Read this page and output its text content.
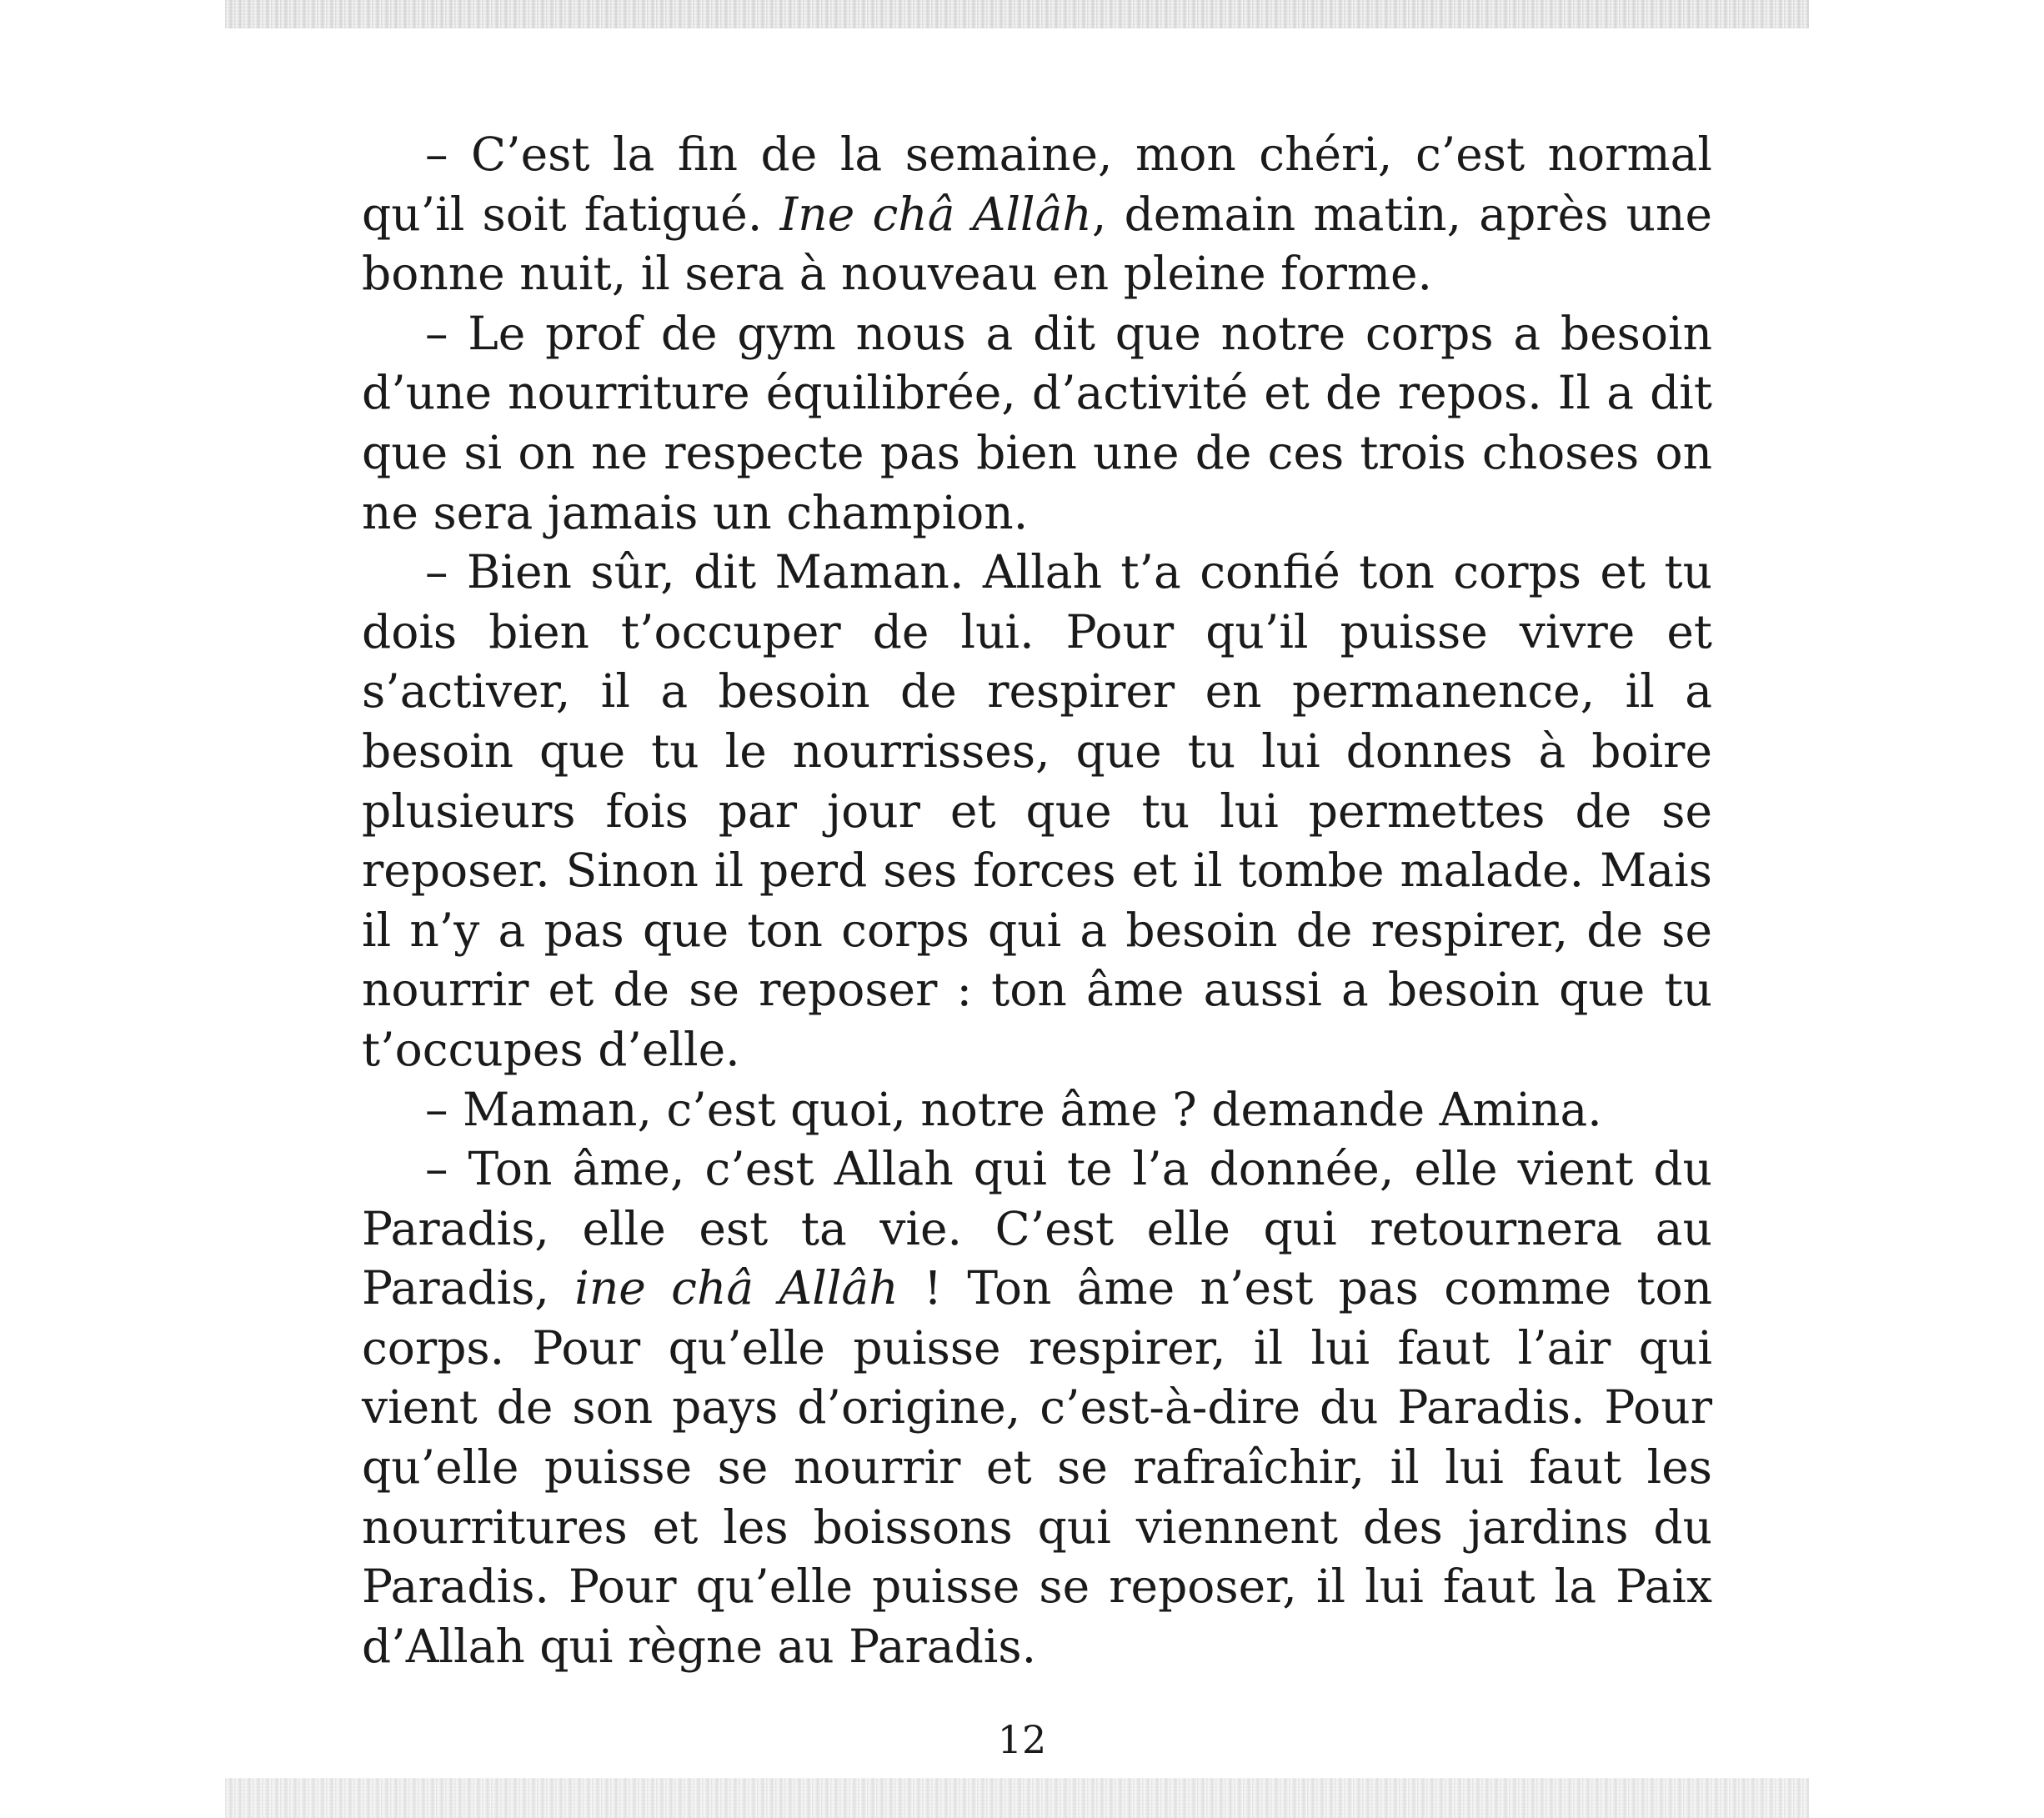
– C’est la fin de la semaine, mon chéri, c’est normal qu’il soit fatigué. Ine châ Allâh, demain matin, après une bonne nuit, il sera à nouveau en pleine forme.

– Le prof de gym nous a dit que notre corps a besoin d’une nourriture équilibrée, d’activité et de repos. Il a dit que si on ne respecte pas bien une de ces trois choses on ne sera jamais un champion.

– Bien sûr, dit Maman. Allah t’a confié ton corps et tu dois bien t’occuper de lui. Pour qu’il puisse vivre et s’activer, il a besoin de respirer en permanence, il a besoin que tu le nourrisses, que tu lui donnes à boire plusieurs fois par jour et que tu lui permettes de se reposer. Sinon il perd ses forces et il tombe malade. Mais il n’y a pas que ton corps qui a besoin de respirer, de se nourrir et de se reposer : ton âme aussi a besoin que tu t’occupes d’elle.

– Maman, c’est quoi, notre âme ? demande Amina.

– Ton âme, c’est Allah qui te l’a donnée, elle vient du Paradis, elle est ta vie. C’est elle qui retournera au Paradis, ine châ Allâh ! Ton âme n’est pas comme ton corps. Pour qu’elle puisse respirer, il lui faut l’air qui vient de son pays d’origine, c’est-à-dire du Paradis. Pour qu’elle puisse se nourrir et se rafraîchir, il lui faut les nourritures et les boissons qui viennent des jardins du Paradis. Pour qu’elle puisse se reposer, il lui faut la Paix d’Allah qui règne au Paradis.

12
